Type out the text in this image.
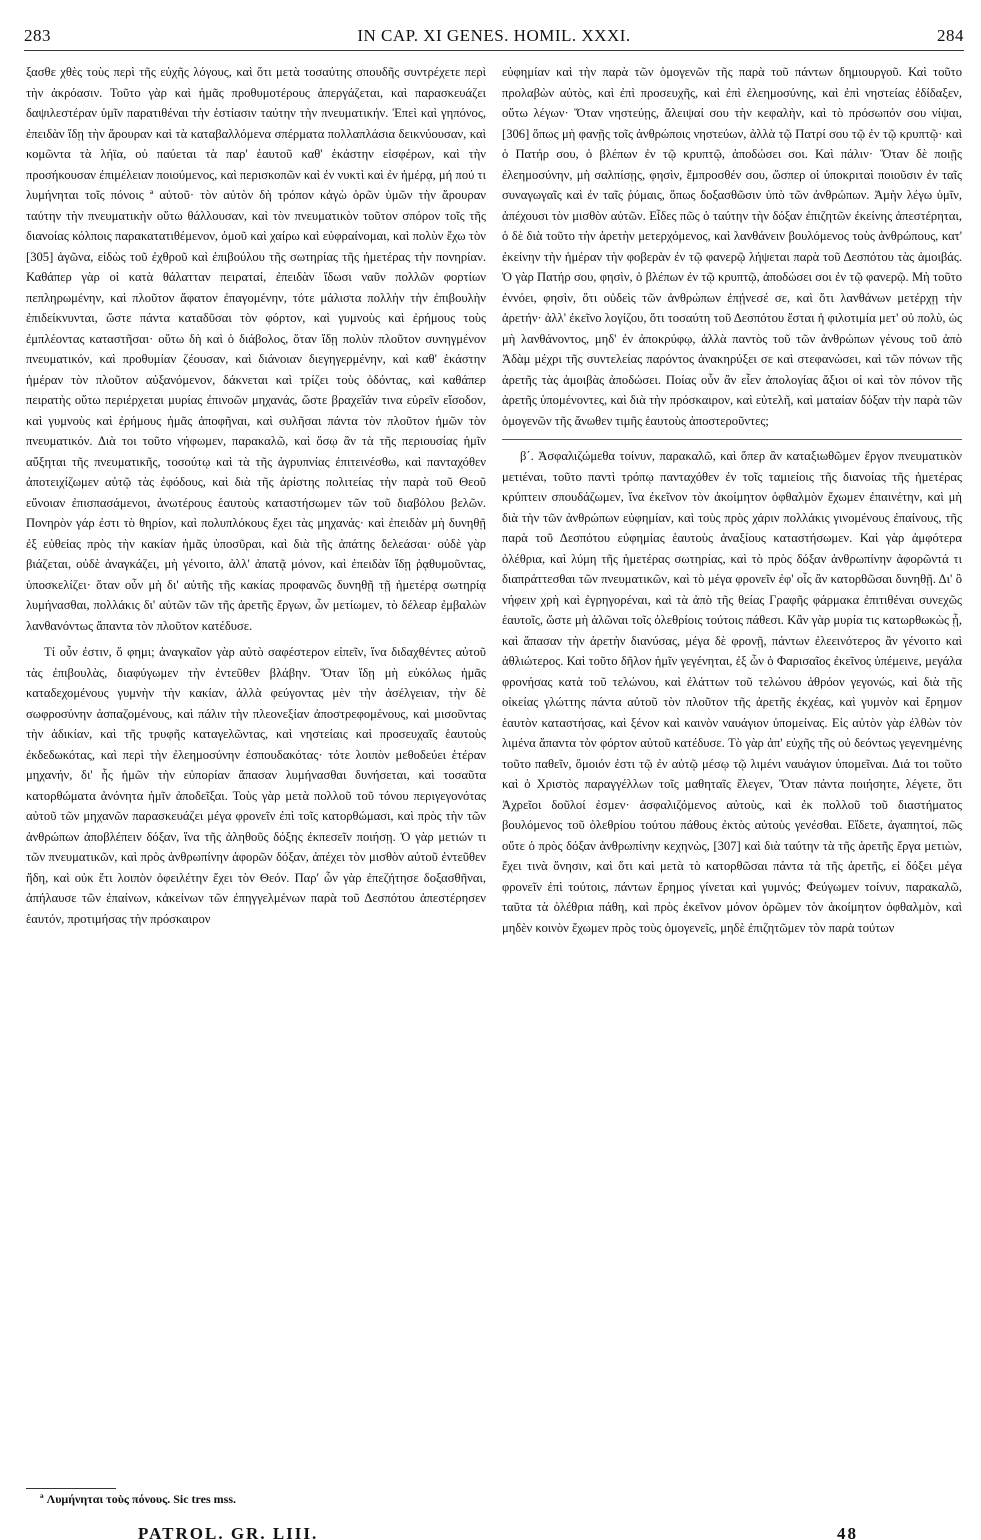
283	IN CAP. XI GENES. HOMIL. XXXI.	284

ξασθε χθὲς τοὺς περὶ τῆς εὐχῆς λόγους, καὶ ὅτι μετὰ τοσαύτης σπουδῆς συντρέχετε περὶ τὴν ἀκρόασιν. Τοῦτο γὰρ καὶ ἡμᾶς προθυμοτέρους ἀπεργάζεται, καὶ παρασκευάζει δαψιλεστέραν ὑμῖν παρατιθέναι τὴν ἑστίασιν ταύτην τὴν πνευματικήν. Ἐπεὶ καὶ γηπόνος, ἐπειδὰν ἴδῃ τὴν ἄρουραν καὶ τὰ καταβαλλόμενα σπέρματα πολλαπλάσια δεικνύουσαν, καὶ κομῶντα τὰ λήϊα, οὐ παύεται τὰ παρ' ἑαυτοῦ καθ' ἑκάστην εἰσφέρων, καὶ τὴν προσήκουσαν ἐπιμέλειαν ποιούμενος, καὶ περισκοπῶν καὶ ἐν νυκτὶ καὶ ἐν ἡμέρᾳ, μή πού τι λυμήνηται τοῖς πόνοις ª αὐτοῦ· τὸν αὐτὸν δὴ τρόπον κἀγὼ ὁρῶν ὑμῶν τὴν ἄρουραν ταύτην τὴν πνευματικὴν οὕτω θάλλουσαν, καὶ τὸν πνευματικὸν τοῦτον σπόρον τοῖς τῆς διανοίας κόλποις παρακατατιθέμενον, ὁμοῦ καὶ χαίρω καὶ εὐφραίνομαι, καὶ πολὺν ἔχω τὸν [305] ἀγῶνα, εἰδὼς τοῦ ἐχθροῦ καὶ ἐπιβούλου τῆς σωτηρίας τῆς ἡμετέρας τὴν πονηρίαν. Καθάπερ γὰρ οἱ κατὰ θάλατταν πειραταί, ἐπειδὰν ἴδωσι ναῦν πολλῶν φορτίων πεπληρωμένην, καὶ πλοῦτον ἄφατον ἐπαγομένην, τότε μάλιστα πολλὴν τὴν ἐπιβουλὴν ἐπιδείκνυνται, ὥστε πάντα καταδῦσαι τὸν φόρτον, καὶ γυμνοὺς καὶ ἐρήμους τοὺς ἐμπλέοντας καταστῆσαι· οὕτω δὴ καὶ ὁ διάβολος, ὅταν ἴδῃ πολὺν πλοῦτον συνηγμένον πνευματικόν, καὶ προθυμίαν ζέουσαν, καὶ διάνοιαν διεγηγερμένην, καὶ καθ' ἑκάστην ἡμέραν τὸν πλοῦτον αὐξανόμενον, δάκνεται καὶ τρίζει τοὺς ὀδόντας, καὶ καθάπερ πειρατὴς οὕτω περιέρχεται μυρίας ἐπινοῶν μηχανάς, ὥστε βραχεῖάν τινα εὑρεῖν εἴσοδον, καὶ γυμνοὺς καὶ ἐρήμους ἡμᾶς ἀποφῆναι, καὶ συλῆσαι πάντα τὸν πλοῦτον ἡμῶν τὸν πνευματικόν. Διὰ τοι τοῦτο νήφωμεν, παρακαλῶ, καὶ ὅσῳ ἂν τὰ τῆς περιουσίας ἡμῖν αὔξηται τῆς πνευματικῆς, τοσούτῳ καὶ τὰ τῆς ἀγρυπνίας ἐπιτεινέσθω, καὶ πανταχόθεν ἀποτειχίζωμεν αὐτῷ τὰς ἐφόδους, καὶ διὰ τῆς ἀρίστης πολιτείας τὴν παρὰ τοῦ Θεοῦ εὔνοιαν ἐπισπασάμενοι, ἀνωτέρους ἑαυτοὺς καταστήσωμεν τῶν τοῦ διαβόλου βελῶν. Πονηρὸν γάρ ἐστι τὸ θηρίον, καὶ πολυπλόκους ἔχει τὰς μηχανάς· καὶ ἐπειδὰν μὴ δυνηθῇ ἐξ εὐθείας πρὸς τὴν κακίαν ἡμᾶς ὑποσῦραι, καὶ διὰ τῆς ἀπάτης δελεάσαι· οὐδὲ γὰρ βιάζεται, οὐδὲ ἀναγκάζει, μὴ γένοιτο, ἀλλ' ἀπατᾷ μόνον, καὶ ἐπειδὰν ἴδῃ ῥᾳθυμοῦντας, ὑποσκελίζει· ὅταν οὖν μὴ δι' αὐτῆς τῆς κακίας προφανῶς δυνηθῇ τῇ ἡμετέρᾳ σωτηρίᾳ λυμήνασθαι, πολλάκις δι' αὐτῶν τῶν τῆς ἀρετῆς ἔργων, ὧν μετίωμεν, τὸ δέλεαρ ἐμβαλὼν λανθανόντως ἅπαντα τὸν πλοῦτον κατέδυσε.

Τί οὖν ἐστιν, ὅ φημι; ἀναγκαῖον γὰρ αὐτὸ σαφέστερον εἰπεῖν, ἵνα διδαχθέντες αὐτοῦ τὰς ἐπιβουλὰς, διαφύγωμεν τὴν ἐντεῦθεν βλάβην. Ὅταν ἴδῃ μὴ εὐκόλως ἡμᾶς καταδεχομένους γυμνὴν τὴν κακίαν, ἀλλὰ φεύγοντας μὲν τὴν ἀσέλγειαν, τὴν δὲ σωφροσύνην ἀσπαζομένους, καὶ πάλιν τὴν πλεονεξίαν ἀποστρεφομένους, καὶ μισοῦντας τὴν ἀδικίαν, καὶ τῆς τρυφῆς καταγελῶντας, καὶ νηστείαις καὶ προσευχαῖς ἑαυτοὺς ἐκδεδωκότας, καὶ περὶ τὴν ἐλεημοσύνην ἐσπουδακότας· τότε λοιπὸν μεθοδεύει ἑτέραν μηχανήν, δι' ἧς ἡμῶν τὴν εὐπορίαν ἅπασαν λυμήνασθαι δυνήσεται, καὶ τοσαῦτα κατορθώματα ἀνόνητα ἡμῖν ἀποδεῖξαι. Τοὺς γὰρ μετὰ πολλοῦ τοῦ τόνου περιγεγονότας αὐτοῦ τῶν μηχανῶν παρασκευάζει μέγα φρονεῖν ἐπὶ τοῖς κατορθώμασι, καὶ πρὸς τὴν τῶν ἀνθρώπων ἀποβλέπειν δόξαν, ἵνα τῆς ἀληθοῦς δόξης ἐκπεσεῖν ποιήσῃ. Ὁ γὰρ μετιών τι τῶν πνευματικῶν, καὶ πρὸς ἀνθρωπίνην ἀφορῶν δόξαν, ἀπέχει τὸν μισθὸν αὐτοῦ ἐντεῦθεν ἤδη, καὶ οὐκ ἔτι λοιπὸν ὀφειλέτην ἔχει τὸν Θεόν. Παρ' ὧν γὰρ ἐπεζήτησε δοξασθῆναι, ἀπήλαυσε τῶν ἐπαίνων, κἀκείνων τῶν ἐπηγγελμένων παρὰ τοῦ Δεσπότου ἀπεστέρησεν ἑαυτόν, προτιμήσας τὴν πρόσκαιρον

εὐφημίαν καὶ τὴν παρὰ τῶν ὁμογενῶν τῆς παρὰ τοῦ πάντων δημιουργοῦ. Καὶ τοῦτο προλαβὼν αὐτὸς, καὶ ἐπὶ προσευχῆς, καὶ ἐπὶ ἐλεημοσύνης, καὶ ἐπὶ νηστείας ἐδίδαξεν, οὕτω λέγων· Ὅταν νηστεύῃς, ἄλειψαί σου τὴν κεφαλὴν, καὶ τὸ πρόσωπόν σου νίψαι, [306] ὅπως μὴ φανῇς τοῖς ἀνθρώποις νηστεύων, ἀλλὰ τῷ Πατρί σου τῷ ἐν τῷ κρυπτῷ· καὶ ὁ Πατήρ σου, ὁ βλέπων ἐν τῷ κρυπτῷ, ἀποδώσει σοι. Καὶ πάλιν· Ὅταν δὲ ποιῇς ἐλεημοσύνην, μὴ σαλπίσῃς, φησὶν, ἔμπροσθέν σου, ὥσπερ οἱ ὑποκριταὶ ποιοῦσιν ἐν ταῖς συναγωγαῖς καὶ ἐν ταῖς ῥύμαις, ὅπως δοξασθῶσιν ὑπὸ τῶν ἀνθρώπων. Ἀμὴν λέγω ὑμῖν, ἀπέχουσι τὸν μισθὸν αὐτῶν. Εἶδες πῶς ὁ ταύτην τὴν δόξαν ἐπιζητῶν ἐκείνης ἀπεστέρηται, ὁ δὲ διὰ τοῦτο τὴν ἀρετὴν μετερχόμενος, καὶ λανθάνειν βουλόμενος τοὺς ἀνθρώπους, κατ' ἐκείνην τὴν ἡμέραν τὴν φοβερὰν ἐν τῷ φανερῷ λήψεται παρὰ τοῦ Δεσπότου τὰς ἀμοιβάς. Ὁ γὰρ Πατήρ σου, φησὶν, ὁ βλέπων ἐν τῷ κρυπτῷ, ἀποδώσει σοι ἐν τῷ φανερῷ. Μὴ τοῦτο ἐννόει, φησὶν, ὅτι οὐδεὶς τῶν ἀνθρώπων ἐπῄνεσέ σε, καὶ ὅτι λανθάνων μετέρχῃ τὴν ἀρετήν· ἀλλ' ἐκεῖνο λογίζου, ὅτι τοσαύτη τοῦ Δεσπότου ἔσται ἡ φιλοτιμία μετ' οὐ πολὺ, ὡς μὴ λανθάνοντος, μηδ' ἐν ἀποκρύφῳ, ἀλλὰ παντὸς τοῦ τῶν ἀνθρώπων γένους τοῦ ἀπὸ Ἀδὰμ μέχρι τῆς συντελείας παρόντος ἀνακηρύξει σε καὶ στεφανώσει, καὶ τῶν πόνων τῆς ἀρετῆς τὰς ἀμοιβὰς ἀποδώσει. Ποίας οὖν ἂν εἶεν ἀπολογίας ἄξιοι οἱ καὶ τὸν πόνον τῆς ἀρετῆς ὑπομένοντες, καὶ διὰ τὴν πρόσκαιρον, καὶ εὐτελῆ, καὶ ματαίαν δόξαν τὴν παρὰ τῶν ὁμογενῶν τῆς ἄνωθεν τιμῆς ἑαυτοὺς ἀποστεροῦντες;

β΄. Ἀσφαλιζώμεθα τοίνυν, παρακαλῶ, καὶ ὅπερ ἂν καταξιωθῶμεν ἔργον πνευματικὸν μετιέναι, τοῦτο παντὶ τρόπῳ πανταχόθεν ἐν τοῖς ταμιείοις τῆς διανοίας τῆς ἡμετέρας κρύπτειν σπουδάζωμεν, ἵνα ἐκεῖνον τὸν ἀκοίμητον ὀφθαλμὸν ἔχωμεν ἐπαινέτην, καὶ μὴ διὰ τὴν τῶν ἀνθρώπων εὐφημίαν, καὶ τοὺς πρὸς χάριν πολλάκις γινομένους ἐπαίνους, τῆς παρὰ τοῦ Δεσπότου εὐφημίας ἑαυτοὺς ἀναξίους καταστήσωμεν. Καὶ γὰρ ἀμφότερα ὀλέθρια, καὶ λύμη τῆς ἡμετέρας σωτηρίας, καὶ τὸ πρὸς δόξαν ἀνθρωπίνην ἀφορῶντά τι διαπράττεσθαι τῶν πνευματικῶν, καὶ τὸ μέγα φρονεῖν ἐφ' οἷς ἂν κατορθῶσαι δυνηθῇ. Δι' ὃ νήφειν χρὴ καὶ ἐγρηγορέναι, καὶ τὰ ἀπὸ τῆς θείας Γραφῆς φάρμακα ἐπιτιθέναι συνεχῶς ἑαυτοῖς, ὥστε μὴ ἁλῶναι τοῖς ὀλεθρίοις τούτοις πάθεσι. Κἂν γὰρ μυρία τις κατωρθωκὼς ᾖ, καὶ ἅπασαν τὴν ἀρετὴν διανύσας, μέγα δὲ φρονῇ, πάντων ἐλεεινότερος ἂν γένοιτο καὶ ἀθλιώτερος. Καὶ τοῦτο δῆλον ἡμῖν γεγένηται, ἐξ ὧν ὁ Φαρισαῖος ἐκεῖνος ὑπέμεινε, μεγάλα φρονήσας κατὰ τοῦ τελώνου, καὶ ἐλάττων τοῦ τελώνου ἀθρόον γεγονώς, καὶ διὰ τῆς οἰκείας γλώττης πάντα αὐτοῦ τὸν πλοῦτον τῆς ἀρετῆς ἐκχέας, καὶ γυμνὸν καὶ ἔρημον ἑαυτὸν καταστήσας, καὶ ξένον καὶ καινὸν ναυάγιον ὑπομείνας. Εἰς αὐτὸν γὰρ ἐλθὼν τὸν λιμένα ἅπαντα τὸν φόρτον αὐτοῦ κατέδυσε. Τὸ γὰρ ἀπ' εὐχῆς τῆς οὐ δεόντως γεγενημένης τοῦτο παθεῖν, ὅμοιόν ἐστι τῷ ἐν αὐτῷ μέσῳ τῷ λιμένι ναυάγιον ὑπομεῖναι. Διά τοι τοῦτο καὶ ὁ Χριστὸς παραγγέλλων τοῖς μαθηταῖς ἔλεγεν, Ὅταν πάντα ποιήσητε, λέγετε, ὅτι Ἀχρεῖοι δοῦλοί ἐσμεν· ἀσφαλιζόμενος αὐτοὺς, καὶ ἐκ πολλοῦ τοῦ διαστήματος βουλόμενος τοῦ ὀλεθρίου τούτου πάθους ἐκτὸς αὐτοὺς γενέσθαι. Εἴδετε, ἀγαπητοί, πῶς οὔτε ὁ πρὸς δόξαν ἀνθρωπίνην κεχηνὼς, [307] καὶ διὰ ταύτην τὰ τῆς ἀρετῆς ἔργα μετιὼν, ἔχει τινὰ ὄνησιν, καὶ ὅτι καὶ μετὰ τὸ κατορθῶσαι πάντα τὰ τῆς ἀρετῆς, εἰ δόξει μέγα φρονεῖν ἐπὶ τούτοις, πάντων ἔρημος γίνεται καὶ γυμνός; Φεύγωμεν τοίνυν, παρακαλῶ, ταῦτα τὰ ὀλέθρια πάθη, καὶ πρὸς ἐκεῖνον μόνον ὁρῶμεν τὸν ἀκοίμητον ὀφθαλμὸν, καὶ μηδὲν κοινὸν ἔχωμεν πρὸς τοὺς ὁμογενεῖς, μηδὲ ἐπιζητῶμεν τὸν παρὰ τούτων

ª Λυμήνηται τοὺς πόνους. Sic tres mss.
PATROL. GR. LIII.	48
